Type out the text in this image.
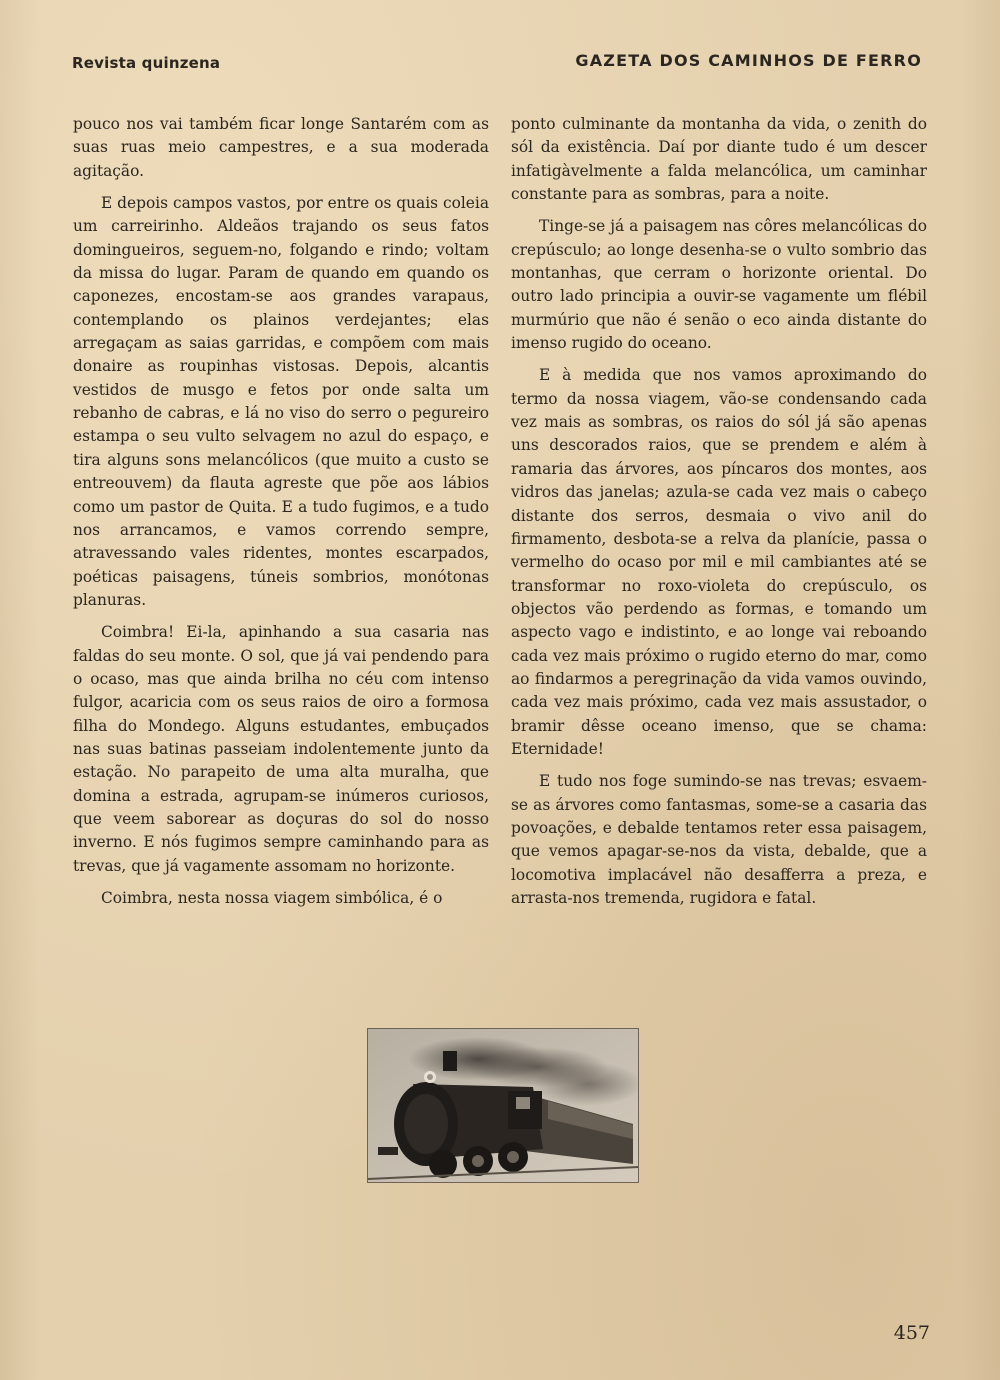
Revista quinzena	GAZETA DOS CAMINHOS DE FERRO

pouco nos vai também ficar longe Santarém com as suas ruas meio campestres, e a sua moderada agitação.

E depois campos vastos, por entre os quais coleia um carreirinho. Aldeãos trajando os seus fatos domingueiros, seguem-no, folgando e rindo; voltam da missa do lugar. Param de quando em quando os caponezes, encostam-se aos grandes varapaus, contemplando os plainos verdejantes; elas arregaçam as saias garridas, e compõem com mais donaire as roupinhas vistosas. Depois, alcantis vestidos de musgo e fetos por onde salta um rebanho de cabras, e lá no viso do serro o pegureiro estampa o seu vulto selvagem no azul do espaço, e tira alguns sons melancólicos (que muito a custo se entreouvem) da flauta agreste que põe aos lábios como um pastor de Quita. E a tudo fugimos, e a tudo nos arrancamos, e vamos correndo sempre, atravessando vales ridentes, montes escarpados, poéticas paisagens, túneis sombrios, monótonas planuras.

Coimbra! Ei-la, apinhando a sua casaria nas faldas do seu monte. O sol, que já vai pendendo para o ocaso, mas que ainda brilha no céu com intenso fulgor, acaricia com os seus raios de oiro a formosa filha do Mondego. Alguns estudantes, embuçados nas suas batinas passeiam indolentemente junto da estação. No parapeito de uma alta muralha, que domina a estrada, agrupam-se inúmeros curiosos, que veem saborear as doçuras do sol do nosso inverno. E nós fugimos sempre caminhando para as trevas, que já vagamente assomam no horizonte.

Coimbra, nesta nossa viagem simbólica, é o

ponto culminante da montanha da vida, o zenith do sól da existência. Daí por diante tudo é um descer infatigàvelmente a falda melancólica, um caminhar constante para as sombras, para a noite.

Tinge-se já a paisagem nas côres melancólicas do crepúsculo; ao longe desenha-se o vulto sombrio das montanhas, que cerram o horizonte oriental. Do outro lado principia a ouvir-se vagamente um flébil murmúrio que não é senão o eco ainda distante do imenso rugido do oceano.

E à medida que nos vamos aproximando do termo da nossa viagem, vão-se condensando cada vez mais as sombras, os raios do sól já são apenas uns descorados raios, que se prendem e além à ramaria das árvores, aos píncaros dos montes, aos vidros das janelas; azula-se cada vez mais o cabeço distante dos serros, desmaia o vivo anil do firmamento, desbota-se a relva da planície, passa o vermelho do ocaso por mil e mil cambiantes até se transformar no roxo-violeta do crepúsculo, os objectos vão perdendo as formas, e tomando um aspecto vago e indistinto, e ao longe vai reboando cada vez mais próximo o rugido eterno do mar, como ao findarmos a peregrinação da vida vamos ouvindo, cada vez mais próximo, cada vez mais assustador, o bramir dêsse oceano imenso, que se chama: Eternidade!

E tudo nos foge sumindo-se nas trevas; esvaem-se as árvores como fantasmas, some-se a casaria das povoações, e debalde tentamos reter essa paisagem, que vemos apagar-se-nos da vista, debalde, que a locomotiva implacável não desafferra a preza, e arrasta-nos tremenda, rugidora e fatal.

457
